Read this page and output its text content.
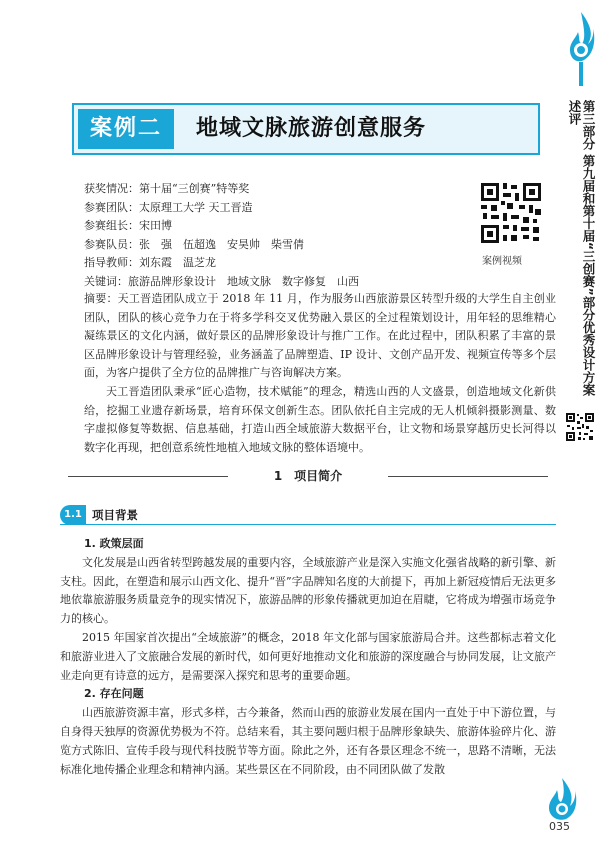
第三部分 第九届和第十届“三创赛”部分优秀设计方案述评
案例二	地域文脉旅游创意服务
获奖情况：第十届“三创赛”特等奖
参赛团队：太原理工大学 天工晋造
参赛组长：宋田博
参赛队员：张　强　伍超逸　安昊帅　柴雪倩
指导教师：刘东霞　温芝龙
关键词：旅游品牌形象设计　地域文脉　数字修复　山西
案例视频

摘要：天工晋造团队成立于 2018 年 11 月，作为服务山西旅游景区转型升级的大学生自主创业团队，团队的核心竞争力在于将多学科交叉优势融入景区的全过程策划设计，用年轻的思维精心凝练景区的文化内涵，做好景区的品牌形象设计与推广工作。在此过程中，团队积累了丰富的景区品牌形象设计与管理经验，业务涵盖了品牌塑造、IP 设计、文创产品开发、视频宣传等多个层面，为客户提供了全方位的品牌推广与咨询解决方案。

天工晋造团队秉承“匠心造物，技术赋能”的理念，精选山西的人文盛景，创造地域文化新供给，挖掘工业遗存新场景，培育环保文创新生态。团队依托自主完成的无人机倾斜摄影测量、数字虚拟修复等数据、信息基础，打造山西全域旅游大数据平台，让文物和场景穿越历史长河得以数字化再现，把创意系统性地植入地域文脉的整体语境中。

1　项目简介
1.1 项目背景
1. 政策层面

文化发展是山西省转型跨越发展的重要内容，全域旅游产业是深入实施文化强省战略的新引擎、新支柱。因此，在塑造和展示山西文化、提升“晋”字品牌知名度的大前提下，再加上新冠疫情后无法更多地依靠旅游服务质量竞争的现实情况下，旅游品牌的形象传播就更加迫在眉睫，它将成为增强市场竞争力的核心。

2015 年国家首次提出“全域旅游”的概念，2018 年文化部与国家旅游局合并。这些都标志着文化和旅游业进入了文旅融合发展的新时代，如何更好地推动文化和旅游的深度融合与协同发展，让文旅产业走向更有诗意的远方，是需要深入探究和思考的重要命题。

2. 存在问题

山西旅游资源丰富，形式多样，古今兼备，然而山西的旅游业发展在国内一直处于中下游位置，与自身得天独厚的资源优势极为不符。总结来看，其主要问题归根于品牌形象缺失、旅游体验碎片化、游览方式陈旧、宣传手段与现代科技脱节等方面。除此之外，还有各景区理念不统一，思路不清晰，无法标准化地传播企业理念和精神内涵。某些景区在不同阶段，由不同团队做了发散

035
